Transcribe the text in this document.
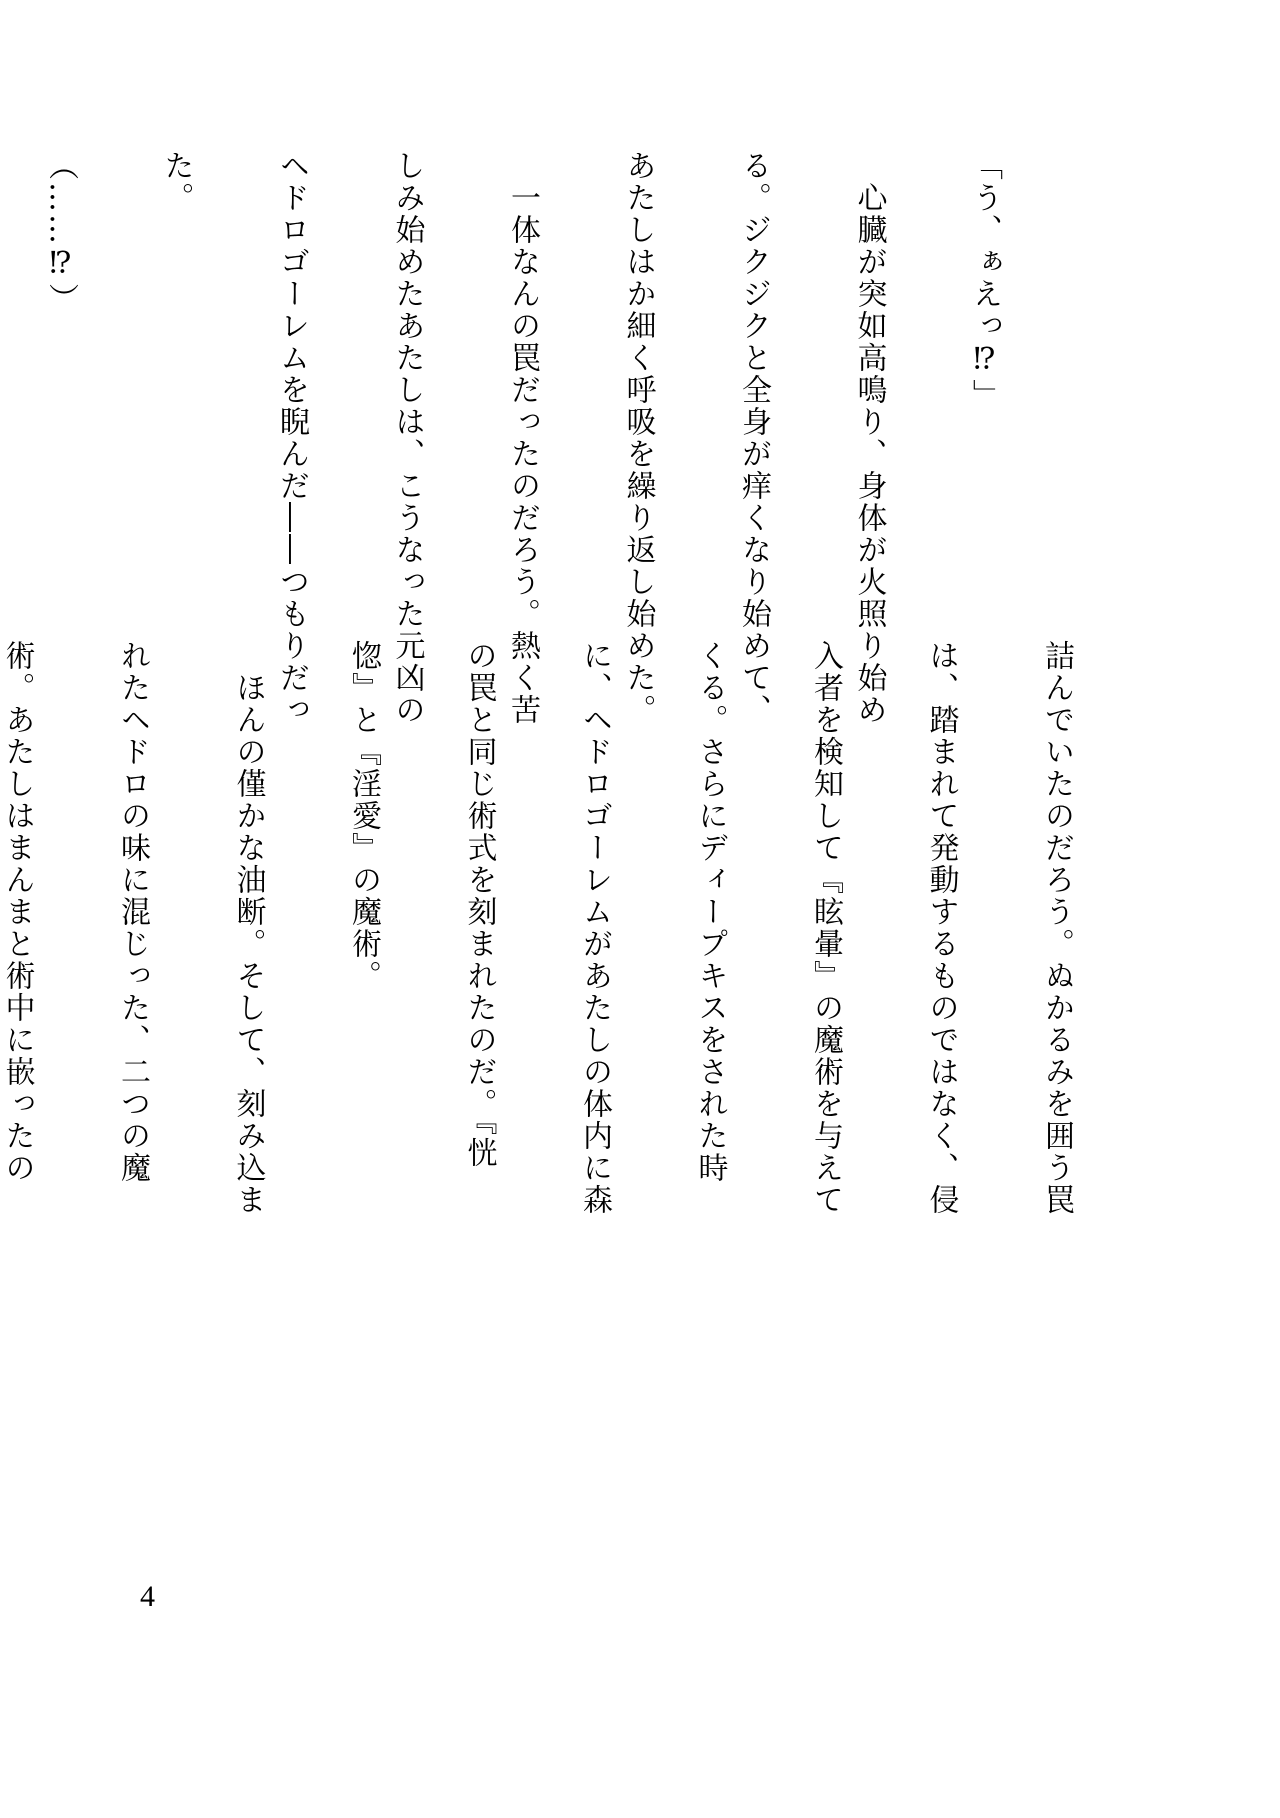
「う、ぁえっ⁉」

　心臓が突如高鳴り、身体が火照り始め

る。ジクジクと全身が痒くなり始めて、

あたしはか細く呼吸を繰り返し始めた。

　一体なんの罠だったのだろう。熱く苦

しみ始めたあたしは、こうなった元凶の

ヘドロゴーレムを睨んだ――つもりだっ

た。

（……⁉）

詰んでいたのだろう。ぬかるみを囲う罠

は、踏まれて発動するものではなく、侵

入者を検知して『眩暈』の魔術を与えて

くる。さらにディープキスをされた時

に、ヘドロゴーレムがあたしの体内に森

の罠と同じ術式を刻まれたのだ。『恍

惚』と『淫愛』の魔術。

　ほんの僅かな油断。そして、刻み込ま

れたヘドロの味に混じった、二つの魔

術。あたしはまんまと術中に嵌ったの

4
